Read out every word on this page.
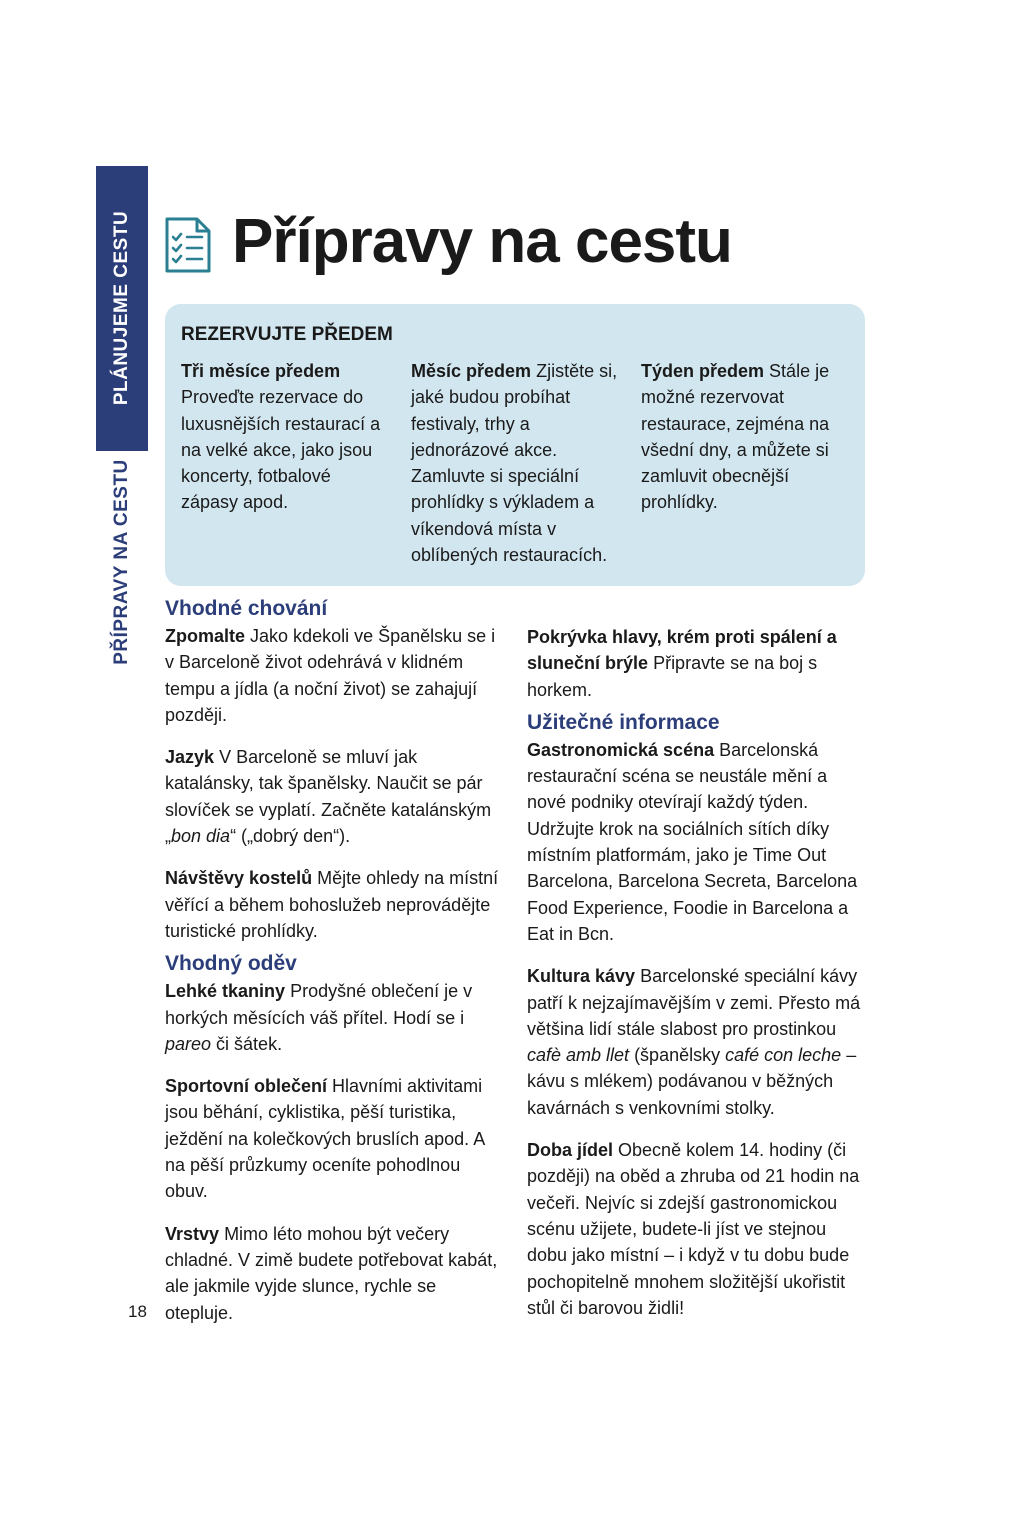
PLÁNUJEME CESTU
PŘÍPRAVY NA CESTU
18
Přípravy na cestu
REZERVUJTE PŘEDEM
Tři měsíce předem
Proveďte rezervace do luxusnějších restaurací a na velké akce, jako jsou koncerty, fotbalové zápasy apod.
Měsíc předem Zjistěte si, jaké budou probíhat festivaly, trhy a jednorázové akce. Zamluvte si speciální prohlídky s výkladem a víkendová místa v oblíbených restauracích.
Týden předem Stále je možné rezervovat restaurace, zejména na všední dny, a můžete si zamluvit obecnější prohlídky.
Vhodné chování

Zpomalte Jako kdekoli ve Španělsku se i v Barceloně život odehrává v klidném tempu a jídla (a noční život) se zahajují později.

Jazyk V Barceloně se mluví jak katalánsky, tak španělsky. Naučit se pár slovíček se vyplatí. Začněte katalánským „bon dia“ („dobrý den“).

Návštěvy kostelů Mějte ohledy na místní věřící a během bohoslužeb neprovádějte turistické prohlídky.

Vhodný oděv

Lehké tkaniny Prodyšné oblečení je v horkých měsících váš přítel. Hodí se i pareo či šátek.

Sportovní oblečení Hlavními aktivitami jsou běhání, cyklistika, pěší turistika, ježdění na kolečkových bruslích apod. A na pěší průzkumy oceníte pohodlnou obuv.

Vrstvy Mimo léto mohou být večery chladné. V zimě budete potřebovat kabát, ale jakmile vyjde slunce, rychle se otepluje.

Pokrývka hlavy, krém proti spálení a sluneční brýle Připravte se na boj s horkem.

Užitečné informace

Gastronomická scéna Barcelonská restaurační scéna se neustále mění a nové podniky otevírají každý týden. Udržujte krok na sociálních sítích díky místním platformám, jako je Time Out Barcelona, Barcelona Secreta, Barcelona Food Experience, Foodie in Barcelona a Eat in Bcn.

Kultura kávy Barcelonské speciální kávy patří k nejzajímavějším v zemi. Přesto má většina lidí stále slabost pro prostinkou cafè amb llet (španělsky café con leche – kávu s mlékem) podávanou v běžných kavárnách s venkovními stolky.

Doba jídel Obecně kolem 14. hodiny (či později) na oběd a zhruba od 21 hodin na večeři. Nejvíc si zdejší gastronomickou scénu užijete, budete-li jíst ve stejnou dobu jako místní – i když v tu dobu bude pochopitelně mnohem složitější ukořistit stůl či barovou židli!
